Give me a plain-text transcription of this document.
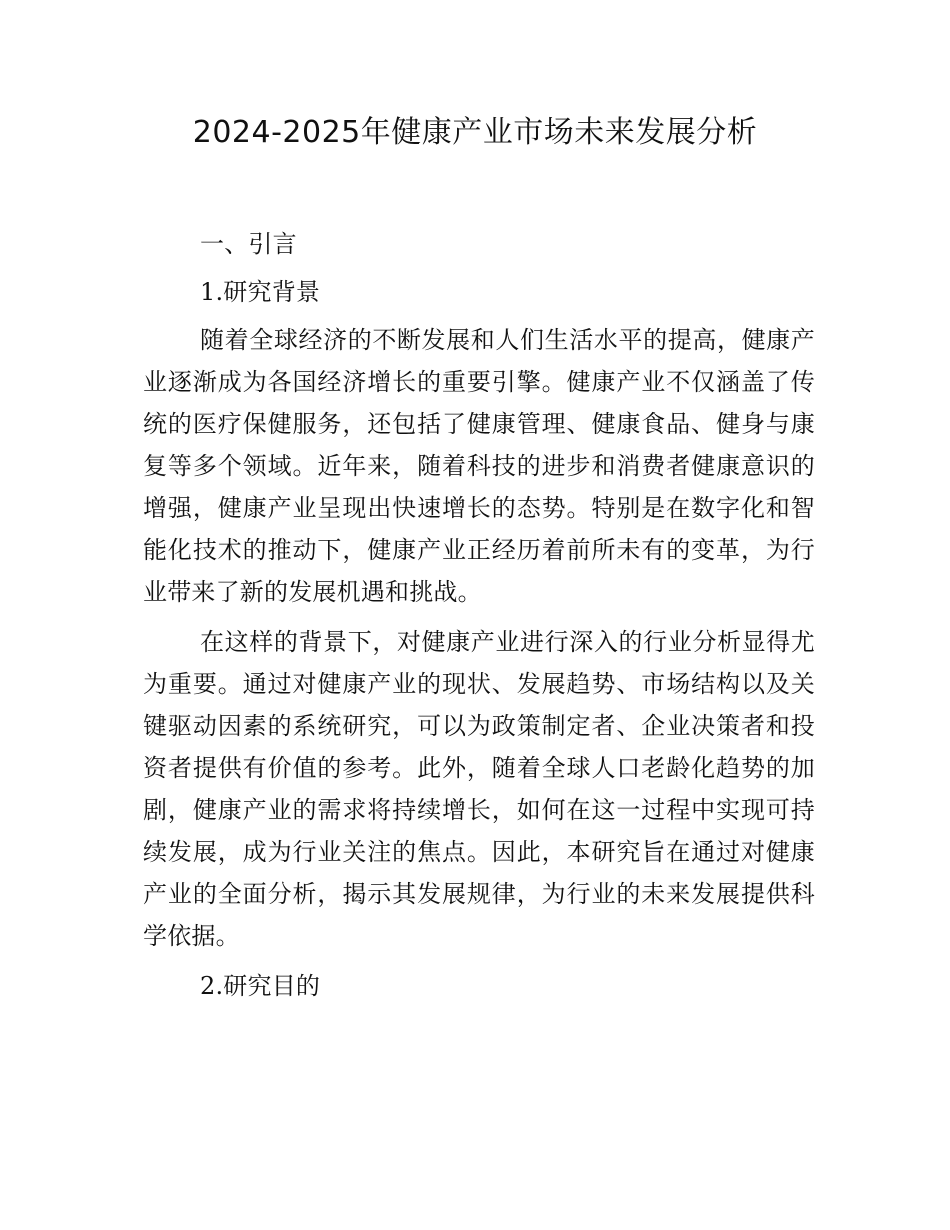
2024-2025年健康产业市场未来发展分析
一、引言
1.研究背景

随着全球经济的不断发展和人们生活水平的提高，健康产业逐渐成为各国经济增长的重要引擎。健康产业不仅涵盖了传统的医疗保健服务，还包括了健康管理、健康食品、健身与康复等多个领域。近年来，随着科技的进步和消费者健康意识的增强，健康产业呈现出快速增长的态势。特别是在数字化和智能化技术的推动下，健康产业正经历着前所未有的变革，为行业带来了新的发展机遇和挑战。

在这样的背景下，对健康产业进行深入的行业分析显得尤为重要。通过对健康产业的现状、发展趋势、市场结构以及关键驱动因素的系统研究，可以为政策制定者、企业决策者和投资者提供有价值的参考。此外，随着全球人口老龄化趋势的加剧，健康产业的需求将持续增长，如何在这一过程中实现可持续发展，成为行业关注的焦点。因此，本研究旨在通过对健康产业的全面分析，揭示其发展规律，为行业的未来发展提供科学依据。

2.研究目的
